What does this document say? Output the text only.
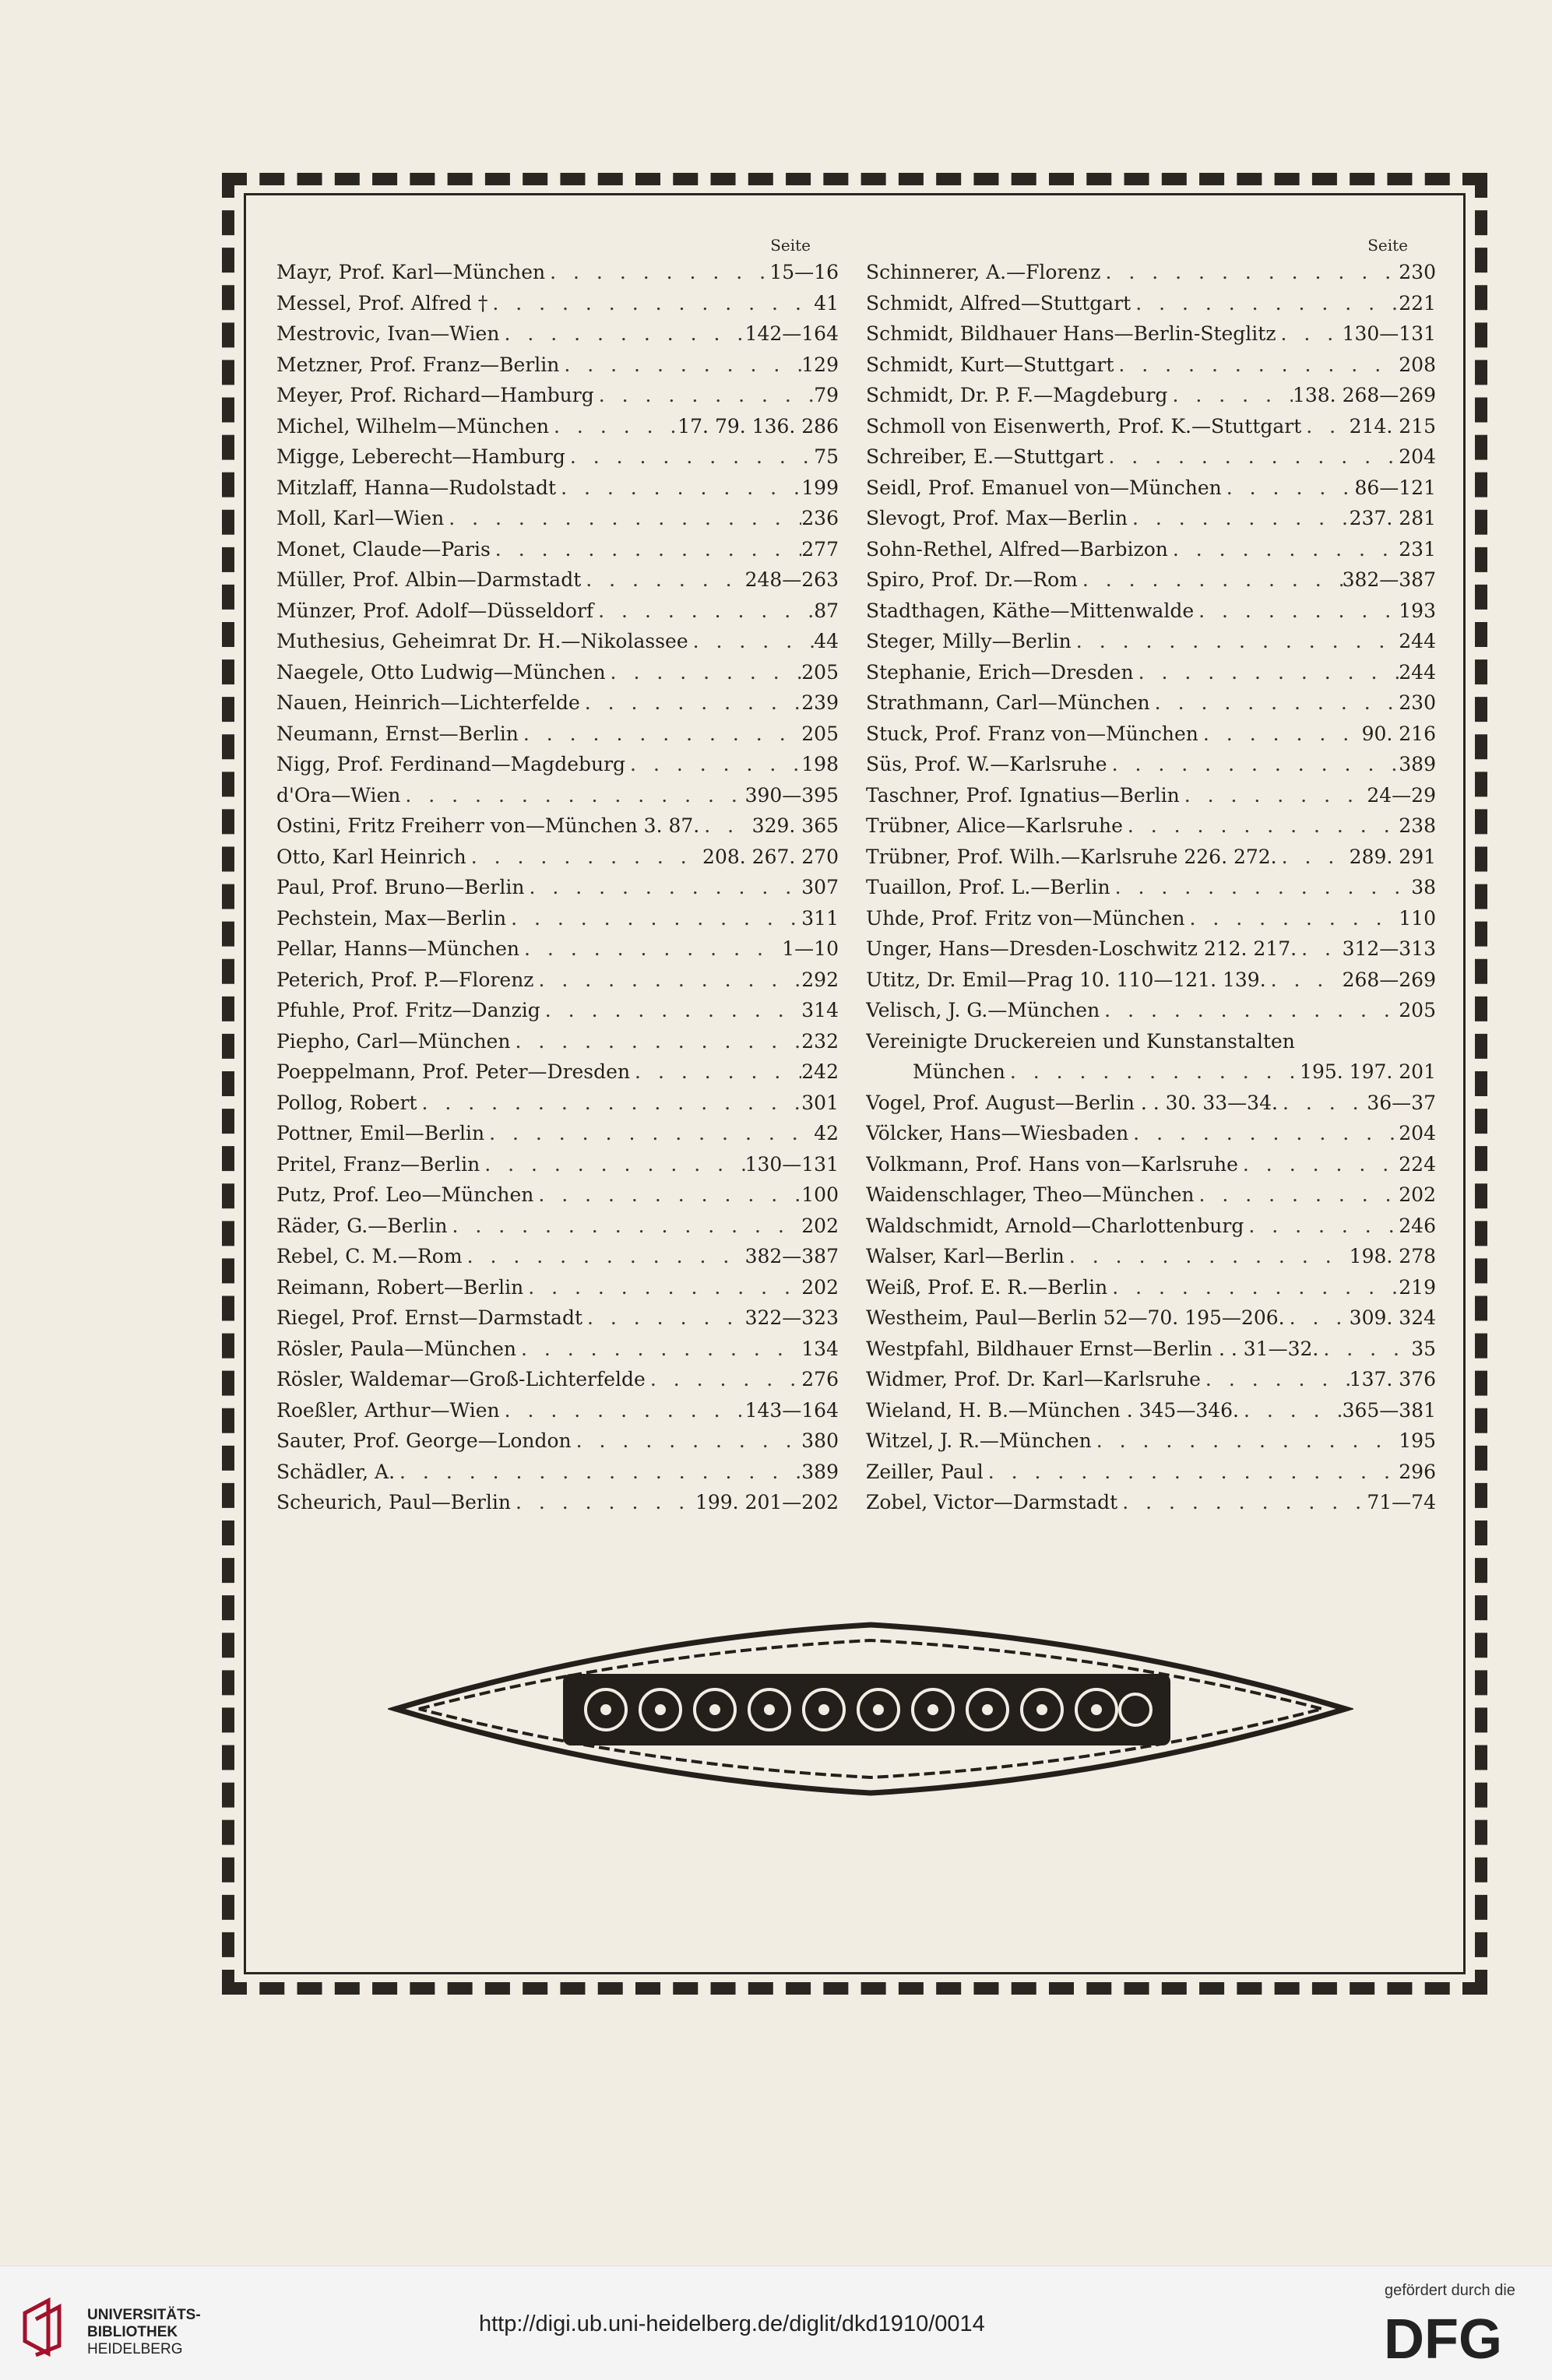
Seite
Mayr, Prof. Karl—München . . .	15—16
Messel, Prof. Alfred † . . .	41
Mestrovic, Ivan—Wien . . .	142—164
Metzner, Prof. Franz—Berlin . . .	129
Meyer, Prof. Richard—Hamburg . . .	79
Michel, Wilhelm—München . . .	17. 79. 136. 286
Migge, Leberecht—Hamburg . . .	75
Mitzlaff, Hanna—Rudolstadt . . .	199
Moll, Karl—Wien . . .	236
Monet, Claude—Paris . . .	277
Müller, Prof. Albin—Darmstadt . . .	248—263
Münzer, Prof. Adolf—Düsseldorf . . .	87
Muthesius, Geheimrat Dr. H.—Nikolassee . . .	44
Naegele, Otto Ludwig—München . . .	205
Nauen, Heinrich—Lichterfelde . . .	239
Neumann, Ernst—Berlin . . .	205
Nigg, Prof. Ferdinand—Magdeburg . . .	198
d'Ora—Wien . . .	390—395
Ostini, Fritz Freiherr von—München 3. 87. . . .	329. 365
Otto, Karl Heinrich . . .	208. 267. 270
Paul, Prof. Bruno—Berlin . . .	307
Pechstein, Max—Berlin . . .	311
Pellar, Hanns—München . . .	1—10
Peterich, Prof. P.—Florenz . . .	292
Pfuhle, Prof. Fritz—Danzig . . .	314
Piepho, Carl—München . . .	232
Poeppelmann, Prof. Peter—Dresden . . .	242
Pollog, Robert . . .	301
Pottner, Emil—Berlin . . .	42
Pritel, Franz—Berlin . . .	130—131
Putz, Prof. Leo—München . . .	100
Räder, G.—Berlin . . .	202
Rebel, C. M.—Rom . . .	382—387
Reimann, Robert—Berlin . . .	202
Riegel, Prof. Ernst—Darmstadt . . .	322—323
Rösler, Paula—München . . .	134
Rösler, Waldemar—Groß-Lichterfelde . . .	276
Roeßler, Arthur—Wien . . .	143—164
Sauter, Prof. George—London . . .	380
Schädler, A. . . .	389
Scheurich, Paul—Berlin . . .	199. 201—202
Seite
Schinnerer, A.—Florenz . . .	230
Schmidt, Alfred—Stuttgart . . .	221
Schmidt, Bildhauer Hans—Berlin-Steglitz . . .	130—131
Schmidt, Kurt—Stuttgart . . .	208
Schmidt, Dr. P. F.—Magdeburg . . .	138. 268—269
Schmoll von Eisenwerth, Prof. K.—Stuttgart . . . 214. 215
Schreiber, E.—Stuttgart . . .	204
Seidl, Prof. Emanuel von—München . . .	86—121
Slevogt, Prof. Max—Berlin . . .	237. 281
Sohn-Rethel, Alfred—Barbizon . . .	231
Spiro, Prof. Dr.—Rom . . .	382—387
Stadthagen, Käthe—Mittenwalde . . .	193
Steger, Milly—Berlin . . .	244
Stephanie, Erich—Dresden . . .	244
Strathmann, Carl—München . . .	230
Stuck, Prof. Franz von—München . . .	90. 216
Süs, Prof. W.—Karlsruhe . . .	389
Taschner, Prof. Ignatius—Berlin . . .	24—29
Trübner, Alice—Karlsruhe . . .	238
Trübner, Prof. Wilh.—Karlsruhe 226. 272. . . .	289. 291
Tuaillon, Prof. L.—Berlin . . .	38
Uhde, Prof. Fritz von—München . . .	110
Unger, Hans—Dresden-Loschwitz 212. 217. . . . 312—313
Utitz, Dr. Emil—Prag 10. 110—121. 139. . . .	268—269
Velisch, J. G.—München . . .	205
Vereinigte Druckereien und Kunstanstalten
München . . .	195. 197. 201
Vogel, Prof. August—Berlin . . 30. 33—34. . . .	36—37
Völcker, Hans—Wiesbaden . . .	204
Volkmann, Prof. Hans von—Karlsruhe . . .	224
Waidenschlager, Theo—München . . .	202
Waldschmidt, Arnold—Charlottenburg . . .	246
Walser, Karl—Berlin . . .	198. 278
Weiß, Prof. E. R.—Berlin . . .	219
Westheim, Paul—Berlin 52—70. 195—206. . . .	309. 324
Westpfahl, Bildhauer Ernst—Berlin . . 31—32. . . .	35
Widmer, Prof. Dr. Karl—Karlsruhe . . .	137. 376
Wieland, H. B.—München . 345—346. . . .	365—381
Witzel, J. R.—München . . .	195
Zeiller, Paul . . .	296
Zobel, Victor—Darmstadt . . .	71—74
UNIVERSITÄTS-
BIBLIOTHEK
HEIDELBERG
http://digi.ub.uni-heidelberg.de/diglit/dkd1910/0014
gefördert durch die
DFG
